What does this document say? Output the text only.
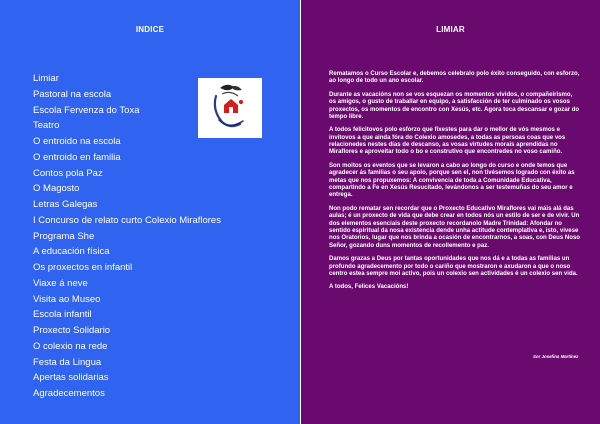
INDICE
Limiar
Pastoral na escola
Escola Fervenza do Toxa
Teatro
O entroido na escola
O entroido en familia
Contos pola Paz
O Magosto
Letras Galegas
I Concurso de relato curto Colexio Miraflores
Programa She
A educación física
Os proxectos en infantil
Viaxe á neve
Visita ao Museo
Escola infantil
Proxecto Solidario
O colexio na rede
Festa da Lingua
Apertas solidarias
Agradecementos
LIMIAR

Rematamos o Curso Escolar e, debemos celebralo polo éxito conseguido, con esforzo, ao longo de todo un ano escolar.

Durante as vacacións non se vos esquezan os momentos vividos, o compañeirismo, os amigos, o gusto de traballar en equipo, a satisfacción de ter culminado os vosos proxectos, os momentos de encontro con Xesús, etc. Agora toca descansar e gozar do tempo libre.

A todos felicitovos polo esforzo que fixestes para dar o mellor de vós mesmos e invitovos a que ainda fóra do Colexio amosedes, a todas as persoas coas que vos relacionedes nestes días de descanso, as vosas virtudes morais aprendidas no Miraflores e aproveitar todo o bo e construtivo que encontredes no voso camiño.

Son moitos os eventos que se levaron a cabo ao longo do curso e onde temos que agradecer ás familias o seu apoio, porque sen el, non tivésemos logrado con éxito as metas que nos propuxemos: A convivencia de toda a Comunidade Educativa, compartindo a Fe en Xesús Resucitado, levándonos a ser testemuñas do seu amor e entrega.

Non podo rematar sen recordar que o Proxecto Educativo Miraflores vai máis alá das aulas; é un proxecto de vida que debe crear en todos nós un estilo de ser e de vivir. Un dos elementos esenciais deste proxecto recordanolo Madre Trinidad: Afondar no sentido espiritual da nosa existencia dende unha actitude contemplativa e, isto, vivese nos Oratorios, lugar que nos brinda a ocasión de encontrarnos, a soas, con Deus Noso Señor, gozando duns momentos de recollemento e paz.

Damos grazas a Deus por tantas oportunidades que nos dá e a todas as familias un profundo agradecemento por todo o cariño que mostraron e axudaron a que o noso centro estea sempre moi activo, pois un colexio sen actividades é un colexio sen vida.

A todos, Felices Vacacións!

Sor Josefina Martínez
